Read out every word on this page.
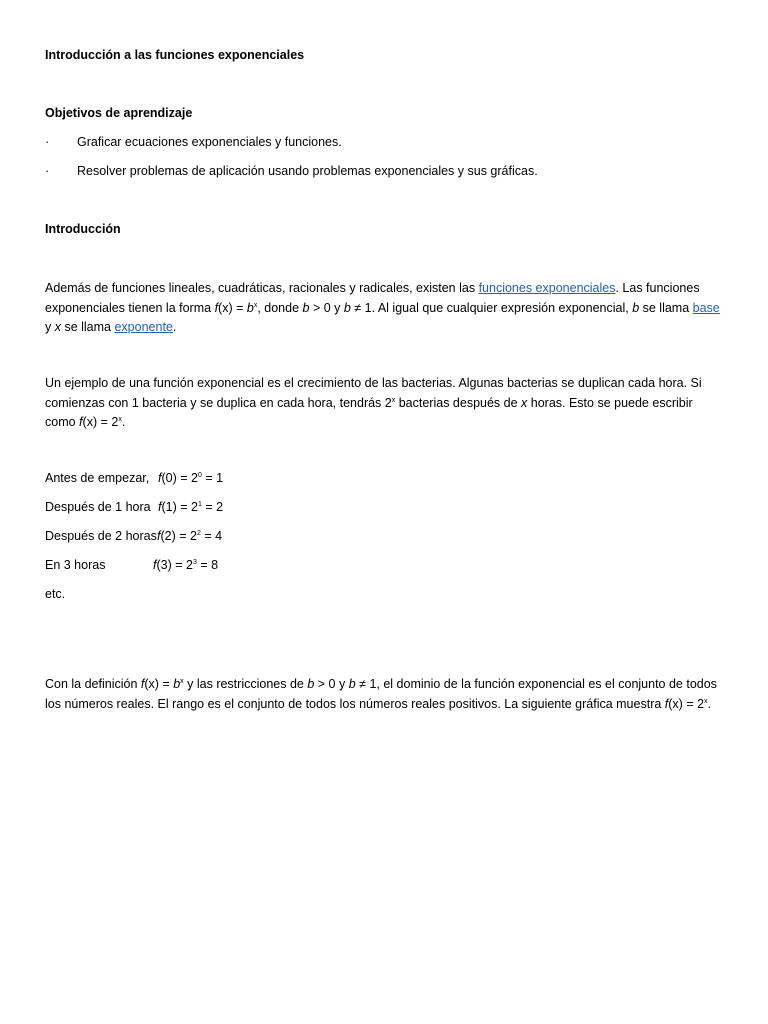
Introducción a las funciones exponenciales
Objetivos de aprendizaje
· Graficar ecuaciones exponenciales y funciones.
· Resolver problemas de aplicación usando problemas exponenciales y sus gráficas.
Introducción
Además de funciones lineales, cuadráticas, racionales y radicales, existen las funciones exponenciales. Las funciones exponenciales tienen la forma $f(x) = b^x$, donde b > 0 y b ≠ 1. Al igual que cualquier expresión exponencial, b se llama base y x se llama exponente.
Un ejemplo de una función exponencial es el crecimiento de las bacterias. Algunas bacterias se duplican cada hora. Si comienzas con 1 bacteria y se duplica en cada hora, tendrás 2$^x$ bacterias después de x horas. Esto se puede escribir como $f(x) = 2^x$.
Antes de empezar, $f(0) = 2^0 = 1$
Después de 1 hora $f(1) = 2^1 = 2$
Después de 2 horas $f(2) = 2^2 = 4$
En 3 horas	$f(3) = 2^3 = 8$
etc.
Con la definición $f(x) = b^x$ y las restricciones de b > 0 y b ≠ 1, el dominio de la función exponencial es el conjunto de todos los números reales. El rango es el conjunto de todos los números reales positivos. La siguiente gráfica muestra $f(x) = 2^x$.
